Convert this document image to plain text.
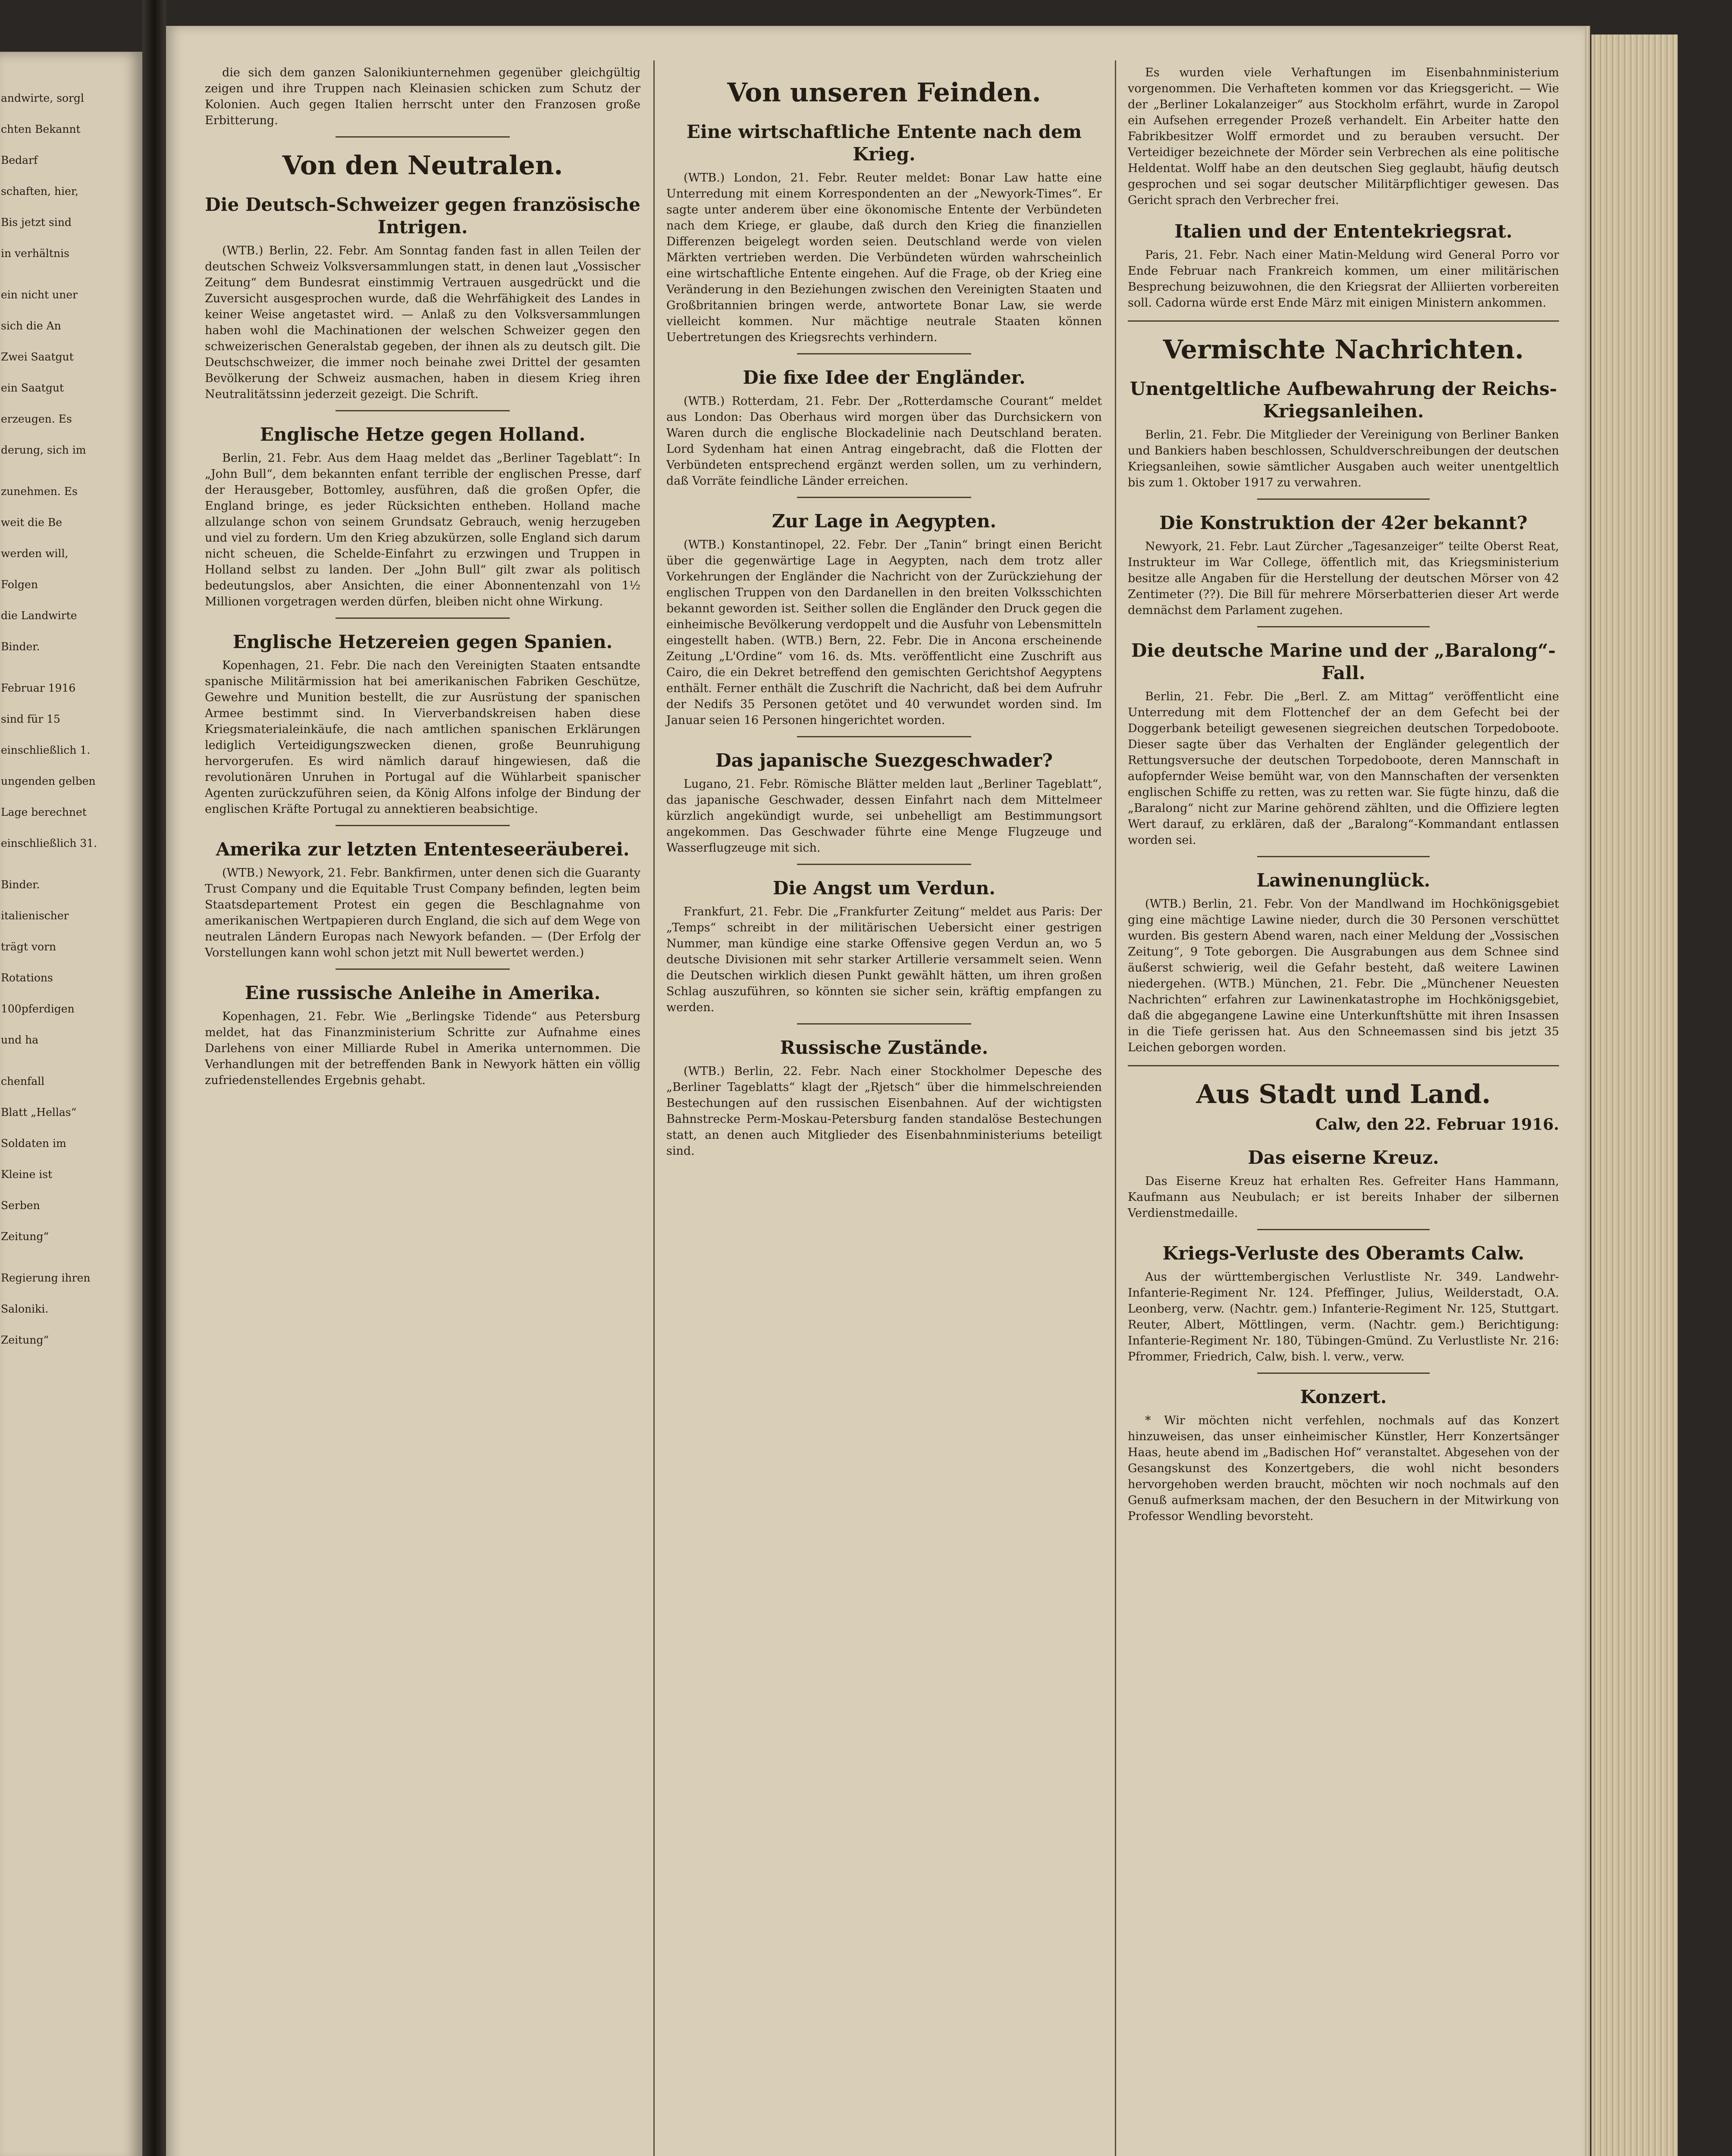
andwirte, sorgl
chten Bekannt
Bedarf
schaften, hier,
Bis jetzt sind
in verhältnis
ein nicht uner
sich die An
Zwei Saatgut
ein Saatgut
erzeugen. Es
derung, sich im
zunehmen. Es
weit die Be
werden will,
Folgen
die Landwirte
Binder.
Februar 1916
sind für 15
einschließlich 1.
ungenden gelben
Lage berechnet
einschließlich 31.
Binder.
italienischer
trägt vorn
Rotations
100pferdigen
und ha
chenfall
Blatt „Hellas“
Soldaten im
Kleine ist
Serben
Zeitung“
Regierung ihren
Saloniki.
Zeitung“

die sich dem ganzen Salonikiunternehmen gegenüber gleichgültig zeigen und ihre Truppen nach Kleinasien schicken zum Schutz der Kolonien. Auch gegen Italien herrscht unter den Franzosen große Erbitterung.

Von den Neutralen.
Die Deutsch-Schweizer gegen französische Intrigen.

(WTB.) Berlin, 22. Febr. Am Sonntag fanden fast in allen Teilen der deutschen Schweiz Volksversammlungen statt, in denen laut „Vossischer Zeitung“ dem Bundesrat einstimmig Vertrauen ausgedrückt und die Zuversicht ausgesprochen wurde, daß die Wehrfähigkeit des Landes in keiner Weise angetastet wird. — Anlaß zu den Volksversammlungen haben wohl die Machinationen der welschen Schweizer gegen den schweizerischen Generalstab gegeben, der ihnen als zu deutsch gilt. Die Deutschschweizer, die immer noch beinahe zwei Drittel der gesamten Bevölkerung der Schweiz ausmachen, haben in diesem Krieg ihren Neutralitätssinn jederzeit gezeigt. Die Schrift.

Englische Hetze gegen Holland.

Berlin, 21. Febr. Aus dem Haag meldet das „Berliner Tageblatt“: In „John Bull“, dem bekannten enfant terrible der englischen Presse, darf der Herausgeber, Bottomley, ausführen, daß die großen Opfer, die England bringe, es jeder Rücksichten entheben. Holland mache allzulange schon von seinem Grundsatz Gebrauch, wenig herzugeben und viel zu fordern. Um den Krieg abzukürzen, solle England sich darum nicht scheuen, die Schelde-Einfahrt zu erzwingen und Truppen in Holland selbst zu landen. Der „John Bull“ gilt zwar als politisch bedeutungslos, aber Ansichten, die einer Abonnentenzahl von 1½ Millionen vorgetragen werden dürfen, bleiben nicht ohne Wirkung.

Englische Hetzereien gegen Spanien.

Kopenhagen, 21. Febr. Die nach den Vereinigten Staaten entsandte spanische Militärmission hat bei amerikanischen Fabriken Geschütze, Gewehre und Munition bestellt, die zur Ausrüstung der spanischen Armee bestimmt sind. In Vierverbandskreisen haben diese Kriegsmaterialeinkäufe, die nach amtlichen spanischen Erklärungen lediglich Verteidigungszwecken dienen, große Beunruhigung hervorgerufen. Es wird nämlich darauf hingewiesen, daß die revolutionären Unruhen in Portugal auf die Wühlarbeit spanischer Agenten zurückzuführen seien, da König Alfons infolge der Bindung der englischen Kräfte Portugal zu annektieren beabsichtige.

Amerika zur letzten Ententeseeräuberei.

(WTB.) Newyork, 21. Febr. Bankfirmen, unter denen sich die Guaranty Trust Company und die Equitable Trust Company befinden, legten beim Staatsdepartement Protest ein gegen die Beschlagnahme von amerikanischen Wertpapieren durch England, die sich auf dem Wege von neutralen Ländern Europas nach Newyork befanden. — (Der Erfolg der Vorstellungen kann wohl schon jetzt mit Null bewertet werden.)

Eine russische Anleihe in Amerika.

Kopenhagen, 21. Febr. Wie „Berlingske Tidende“ aus Petersburg meldet, hat das Finanzministerium Schritte zur Aufnahme eines Darlehens von einer Milliarde Rubel in Amerika unternommen. Die Verhandlungen mit der betreffenden Bank in Newyork hätten ein völlig zufriedenstellendes Ergebnis gehabt.

Von unseren Feinden.
Eine wirtschaftliche Entente nach dem Krieg.

(WTB.) London, 21. Febr. Reuter meldet: Bonar Law hatte eine Unterredung mit einem Korrespondenten an der „Newyork-Times“. Er sagte unter anderem über eine ökonomische Entente der Verbündeten nach dem Kriege, er glaube, daß durch den Krieg die finanziellen Differenzen beigelegt worden seien. Deutschland werde von vielen Märkten vertrieben werden. Die Verbündeten würden wahrscheinlich eine wirtschaftliche Entente eingehen. Auf die Frage, ob der Krieg eine Veränderung in den Beziehungen zwischen den Vereinigten Staaten und Großbritannien bringen werde, antwortete Bonar Law, sie werde vielleicht kommen. Nur mächtige neutrale Staaten können Uebertretungen des Kriegsrechts verhindern.

Die fixe Idee der Engländer.

(WTB.) Rotterdam, 21. Febr. Der „Rotterdamsche Courant“ meldet aus London: Das Oberhaus wird morgen über das Durchsickern von Waren durch die englische Blockadelinie nach Deutschland beraten. Lord Sydenham hat einen Antrag eingebracht, daß die Flotten der Verbündeten entsprechend ergänzt werden sollen, um zu verhindern, daß Vorräte feindliche Länder erreichen.

Zur Lage in Aegypten.

(WTB.) Konstantinopel, 22. Febr. Der „Tanin“ bringt einen Bericht über die gegenwärtige Lage in Aegypten, nach dem trotz aller Vorkehrungen der Engländer die Nachricht von der Zurückziehung der englischen Truppen von den Dardanellen in den breiten Volksschichten bekannt geworden ist. Seither sollen die Engländer den Druck gegen die einheimische Bevölkerung verdoppelt und die Ausfuhr von Lebensmitteln eingestellt haben. (WTB.) Bern, 22. Febr. Die in Ancona erscheinende Zeitung „L'Ordine“ vom 16. ds. Mts. veröffentlicht eine Zuschrift aus Cairo, die ein Dekret betreffend den gemischten Gerichtshof Aegyptens enthält. Ferner enthält die Zuschrift die Nachricht, daß bei dem Aufruhr der Nedifs 35 Personen getötet und 40 verwundet worden sind. Im Januar seien 16 Personen hingerichtet worden.

Das japanische Suezgeschwader?

Lugano, 21. Febr. Römische Blätter melden laut „Berliner Tageblatt“, das japanische Geschwader, dessen Einfahrt nach dem Mittelmeer kürzlich angekündigt wurde, sei unbehelligt am Bestimmungsort angekommen. Das Geschwader führte eine Menge Flugzeuge und Wasserflugzeuge mit sich.

Die Angst um Verdun.

Frankfurt, 21. Febr. Die „Frankfurter Zeitung“ meldet aus Paris: Der „Temps“ schreibt in der militärischen Uebersicht einer gestrigen Nummer, man kündige eine starke Offensive gegen Verdun an, wo 5 deutsche Divisionen mit sehr starker Artillerie versammelt seien. Wenn die Deutschen wirklich diesen Punkt gewählt hätten, um ihren großen Schlag auszuführen, so könnten sie sicher sein, kräftig empfangen zu werden.

Russische Zustände.

(WTB.) Berlin, 22. Febr. Nach einer Stockholmer Depesche des „Berliner Tageblatts“ klagt der „Rjetsch“ über die himmelschreienden Bestechungen auf den russischen Eisenbahnen. Auf der wichtigsten Bahnstrecke Perm-Moskau-Petersburg fanden standalöse Bestechungen statt, an denen auch Mitglieder des Eisenbahnministeriums beteiligt sind.

Es wurden viele Verhaftungen im Eisenbahnministerium vorgenommen. Die Verhafteten kommen vor das Kriegsgericht. — Wie der „Berliner Lokalanzeiger“ aus Stockholm erfährt, wurde in Zaropol ein Aufsehen erregender Prozeß verhandelt. Ein Arbeiter hatte den Fabrikbesitzer Wolff ermordet und zu berauben versucht. Der Verteidiger bezeichnete der Mörder sein Verbrechen als eine politische Heldentat. Wolff habe an den deutschen Sieg geglaubt, häufig deutsch gesprochen und sei sogar deutscher Militärpflichtiger gewesen. Das Gericht sprach den Verbrecher frei.

Italien und der Ententekriegsrat.

Paris, 21. Febr. Nach einer Matin-Meldung wird General Porro vor Ende Februar nach Frankreich kommen, um einer militärischen Besprechung beizuwohnen, die den Kriegsrat der Alliierten vorbereiten soll. Cadorna würde erst Ende März mit einigen Ministern ankommen.

Vermischte Nachrichten.
Unentgeltliche Aufbewahrung der Reichs-Kriegsanleihen.

Berlin, 21. Febr. Die Mitglieder der Vereinigung von Berliner Banken und Bankiers haben beschlossen, Schuldverschreibungen der deutschen Kriegsanleihen, sowie sämtlicher Ausgaben auch weiter unentgeltlich bis zum 1. Oktober 1917 zu verwahren.

Die Konstruktion der 42er bekannt?

Newyork, 21. Febr. Laut Zürcher „Tagesanzeiger“ teilte Oberst Reat, Instrukteur im War College, öffentlich mit, das Kriegsministerium besitze alle Angaben für die Herstellung der deutschen Mörser von 42 Zentimeter (??). Die Bill für mehrere Mörserbatterien dieser Art werde demnächst dem Parlament zugehen.

Die deutsche Marine und der „Baralong“-Fall.

Berlin, 21. Febr. Die „Berl. Z. am Mittag“ veröffentlicht eine Unterredung mit dem Flottenchef der an dem Gefecht bei der Doggerbank beteiligt gewesenen siegreichen deutschen Torpedoboote. Dieser sagte über das Verhalten der Engländer gelegentlich der Rettungsversuche der deutschen Torpedoboote, deren Mannschaft in aufopfernder Weise bemüht war, von den Mannschaften der versenkten englischen Schiffe zu retten, was zu retten war. Sie fügte hinzu, daß die „Baralong“ nicht zur Marine gehörend zählten, und die Offiziere legten Wert darauf, zu erklären, daß der „Baralong“-Kommandant entlassen worden sei.

Lawinenunglück.

(WTB.) Berlin, 21. Febr. Von der Mandlwand im Hochkönigsgebiet ging eine mächtige Lawine nieder, durch die 30 Personen verschüttet wurden. Bis gestern Abend waren, nach einer Meldung der „Vossischen Zeitung“, 9 Tote geborgen. Die Ausgrabungen aus dem Schnee sind äußerst schwierig, weil die Gefahr besteht, daß weitere Lawinen niedergehen. (WTB.) München, 21. Febr. Die „Münchener Neuesten Nachrichten“ erfahren zur Lawinenkatastrophe im Hochkönigsgebiet, daß die abgegangene Lawine eine Unterkunftshütte mit ihren Insassen in die Tiefe gerissen hat. Aus den Schneemassen sind bis jetzt 35 Leichen geborgen worden.

Aus Stadt und Land.
Calw, den 22. Februar 1916.
Das eiserne Kreuz.

Das Eiserne Kreuz hat erhalten Res. Gefreiter Hans Hammann, Kaufmann aus Neubulach; er ist bereits Inhaber der silbernen Verdienstmedaille.

Kriegs-Verluste des Oberamts Calw.

Aus der württembergischen Verlustliste Nr. 349. Landwehr-Infanterie-Regiment Nr. 124. Pfeffinger, Julius, Weilderstadt, O.A. Leonberg, verw. (Nachtr. gem.) Infanterie-Regiment Nr. 125, Stuttgart. Reuter, Albert, Möttlingen, verm. (Nachtr. gem.) Berichtigung: Infanterie-Regiment Nr. 180, Tübingen-Gmünd. Zu Verlustliste Nr. 216: Pfrommer, Friedrich, Calw, bish. l. verw., verw.

Konzert.

* Wir möchten nicht verfehlen, nochmals auf das Konzert hinzuweisen, das unser einheimischer Künstler, Herr Konzertsänger Haas, heute abend im „Badischen Hof“ veranstaltet. Abgesehen von der Gesangskunst des Konzertgebers, die wohl nicht besonders hervorgehoben werden braucht, möchten wir noch nochmals auf den Genuß aufmerksam machen, der den Besuchern in der Mitwirkung von Professor Wendling bevorsteht.
